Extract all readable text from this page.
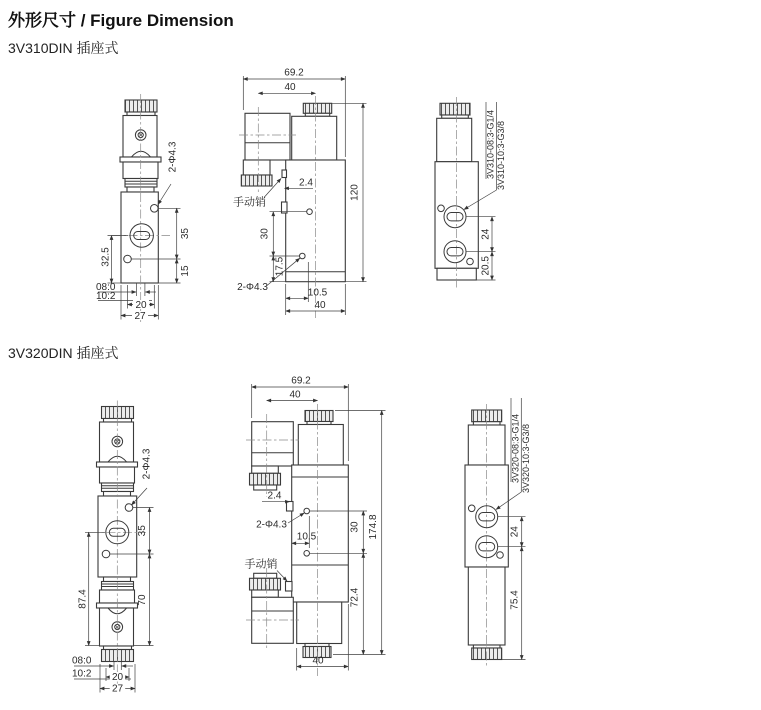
外形尺寸 / Figure Dimension
3V310DIN 插座式
3V320DIN 插座式
2-Φ4.3
35
15
32.5
08:0
10:2
20
27
69.2
40
120
手动销
2.4
30
17.5
2-Φ4.3	10.5
40
3V310-08:3-G1/4 3V310-10:3-G3/8
24
20.5
2-Φ4.3
35
70
87.4
08:0
10:2 20
27
69.2
40
174.8
2.4
2-Φ4.3
10.5
30
手动销
72.4
40
3V320-08:3-G1/4 3V320-10:3-G3/8
24
75.4
